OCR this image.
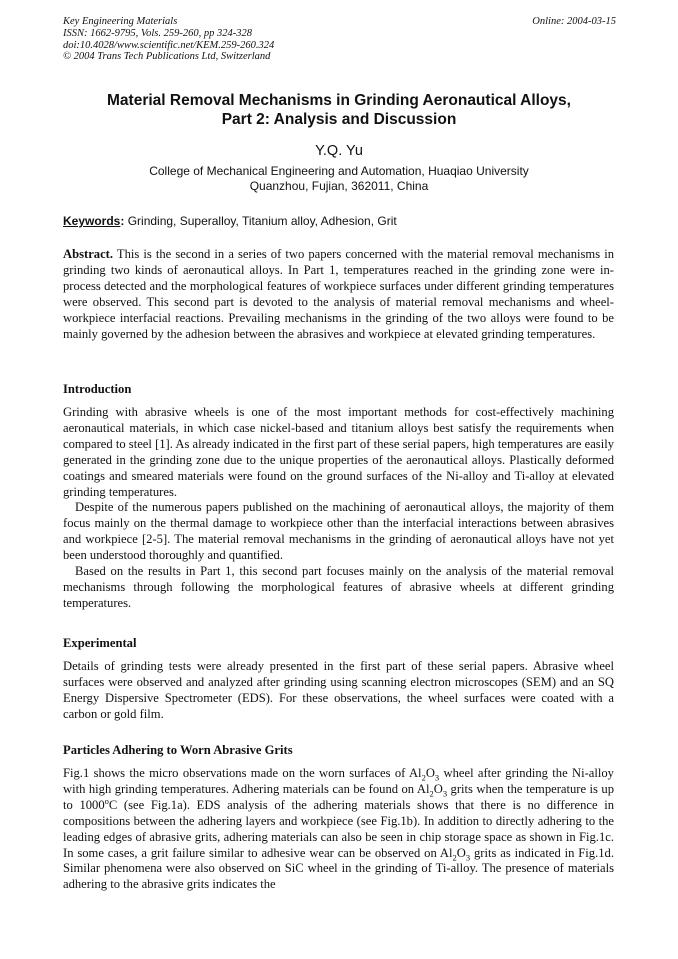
Key Engineering Materials
ISSN: 1662-9795, Vols. 259-260, pp 324-328
doi:10.4028/www.scientific.net/KEM.259-260.324
© 2004 Trans Tech Publications Ltd, Switzerland
Online: 2004-03-15
Material Removal Mechanisms in Grinding Aeronautical Alloys,
Part 2: Analysis and Discussion
Y.Q. Yu
College of Mechanical Engineering and Automation, Huaqiao University
Quanzhou, Fujian, 362011, China
Keywords: Grinding, Superalloy, Titanium alloy, Adhesion, Grit

Abstract. This is the second in a series of two papers concerned with the material removal mechanisms in grinding two kinds of aeronautical alloys. In Part 1, temperatures reached in the grinding zone were in-process detected and the morphological features of workpiece surfaces under different grinding temperatures were observed. This second part is devoted to the analysis of material removal mechanisms and wheel-workpiece interfacial reactions. Prevailing mechanisms in the grinding of the two alloys were found to be mainly governed by the adhesion between the abrasives and workpiece at elevated grinding temperatures.

Introduction

Grinding with abrasive wheels is one of the most important methods for cost-effectively machining aeronautical materials, in which case nickel-based and titanium alloys best satisfy the requirements when compared to steel [1]. As already indicated in the first part of these serial papers, high temperatures are easily generated in the grinding zone due to the unique properties of the aeronautical alloys. Plastically deformed coatings and smeared materials were found on the ground surfaces of the Ni-alloy and Ti-alloy at elevated grinding temperatures.

Despite of the numerous papers published on the machining of aeronautical alloys, the majority of them focus mainly on the thermal damage to workpiece other than the interfacial interactions between abrasives and workpiece [2-5]. The material removal mechanisms in the grinding of aeronautical alloys have not yet been understood thoroughly and quantified.

Based on the results in Part 1, this second part focuses mainly on the analysis of the material removal mechanisms through following the morphological features of abrasive wheels at different grinding temperatures.

Experimental

Details of grinding tests were already presented in the first part of these serial papers. Abrasive wheel surfaces were observed and analyzed after grinding using scanning electron microscopes (SEM) and an SQ Energy Dispersive Spectrometer (EDS). For these observations, the wheel surfaces were coated with a carbon or gold film.

Particles Adhering to Worn Abrasive Grits

Fig.1 shows the micro observations made on the worn surfaces of $Al_2O_3$ wheel after grinding the Ni-alloy with high grinding temperatures. Adhering materials can be found on $Al_2O_3$ grits when the temperature is up to 1000$^o$C (see Fig.1a). EDS analysis of the adhering materials shows that there is no difference in compositions between the adhering layers and workpiece (see Fig.1b). In addition to directly adhering to the leading edges of abrasive grits, adhering materials can also be seen in chip storage space as shown in Fig.1c. In some cases, a grit failure similar to adhesive wear can be observed on $Al_2O_3$ grits as indicated in Fig.1d. Similar phenomena were also observed on SiC wheel in the grinding of Ti-alloy. The presence of materials adhering to the abrasive grits indicates the
